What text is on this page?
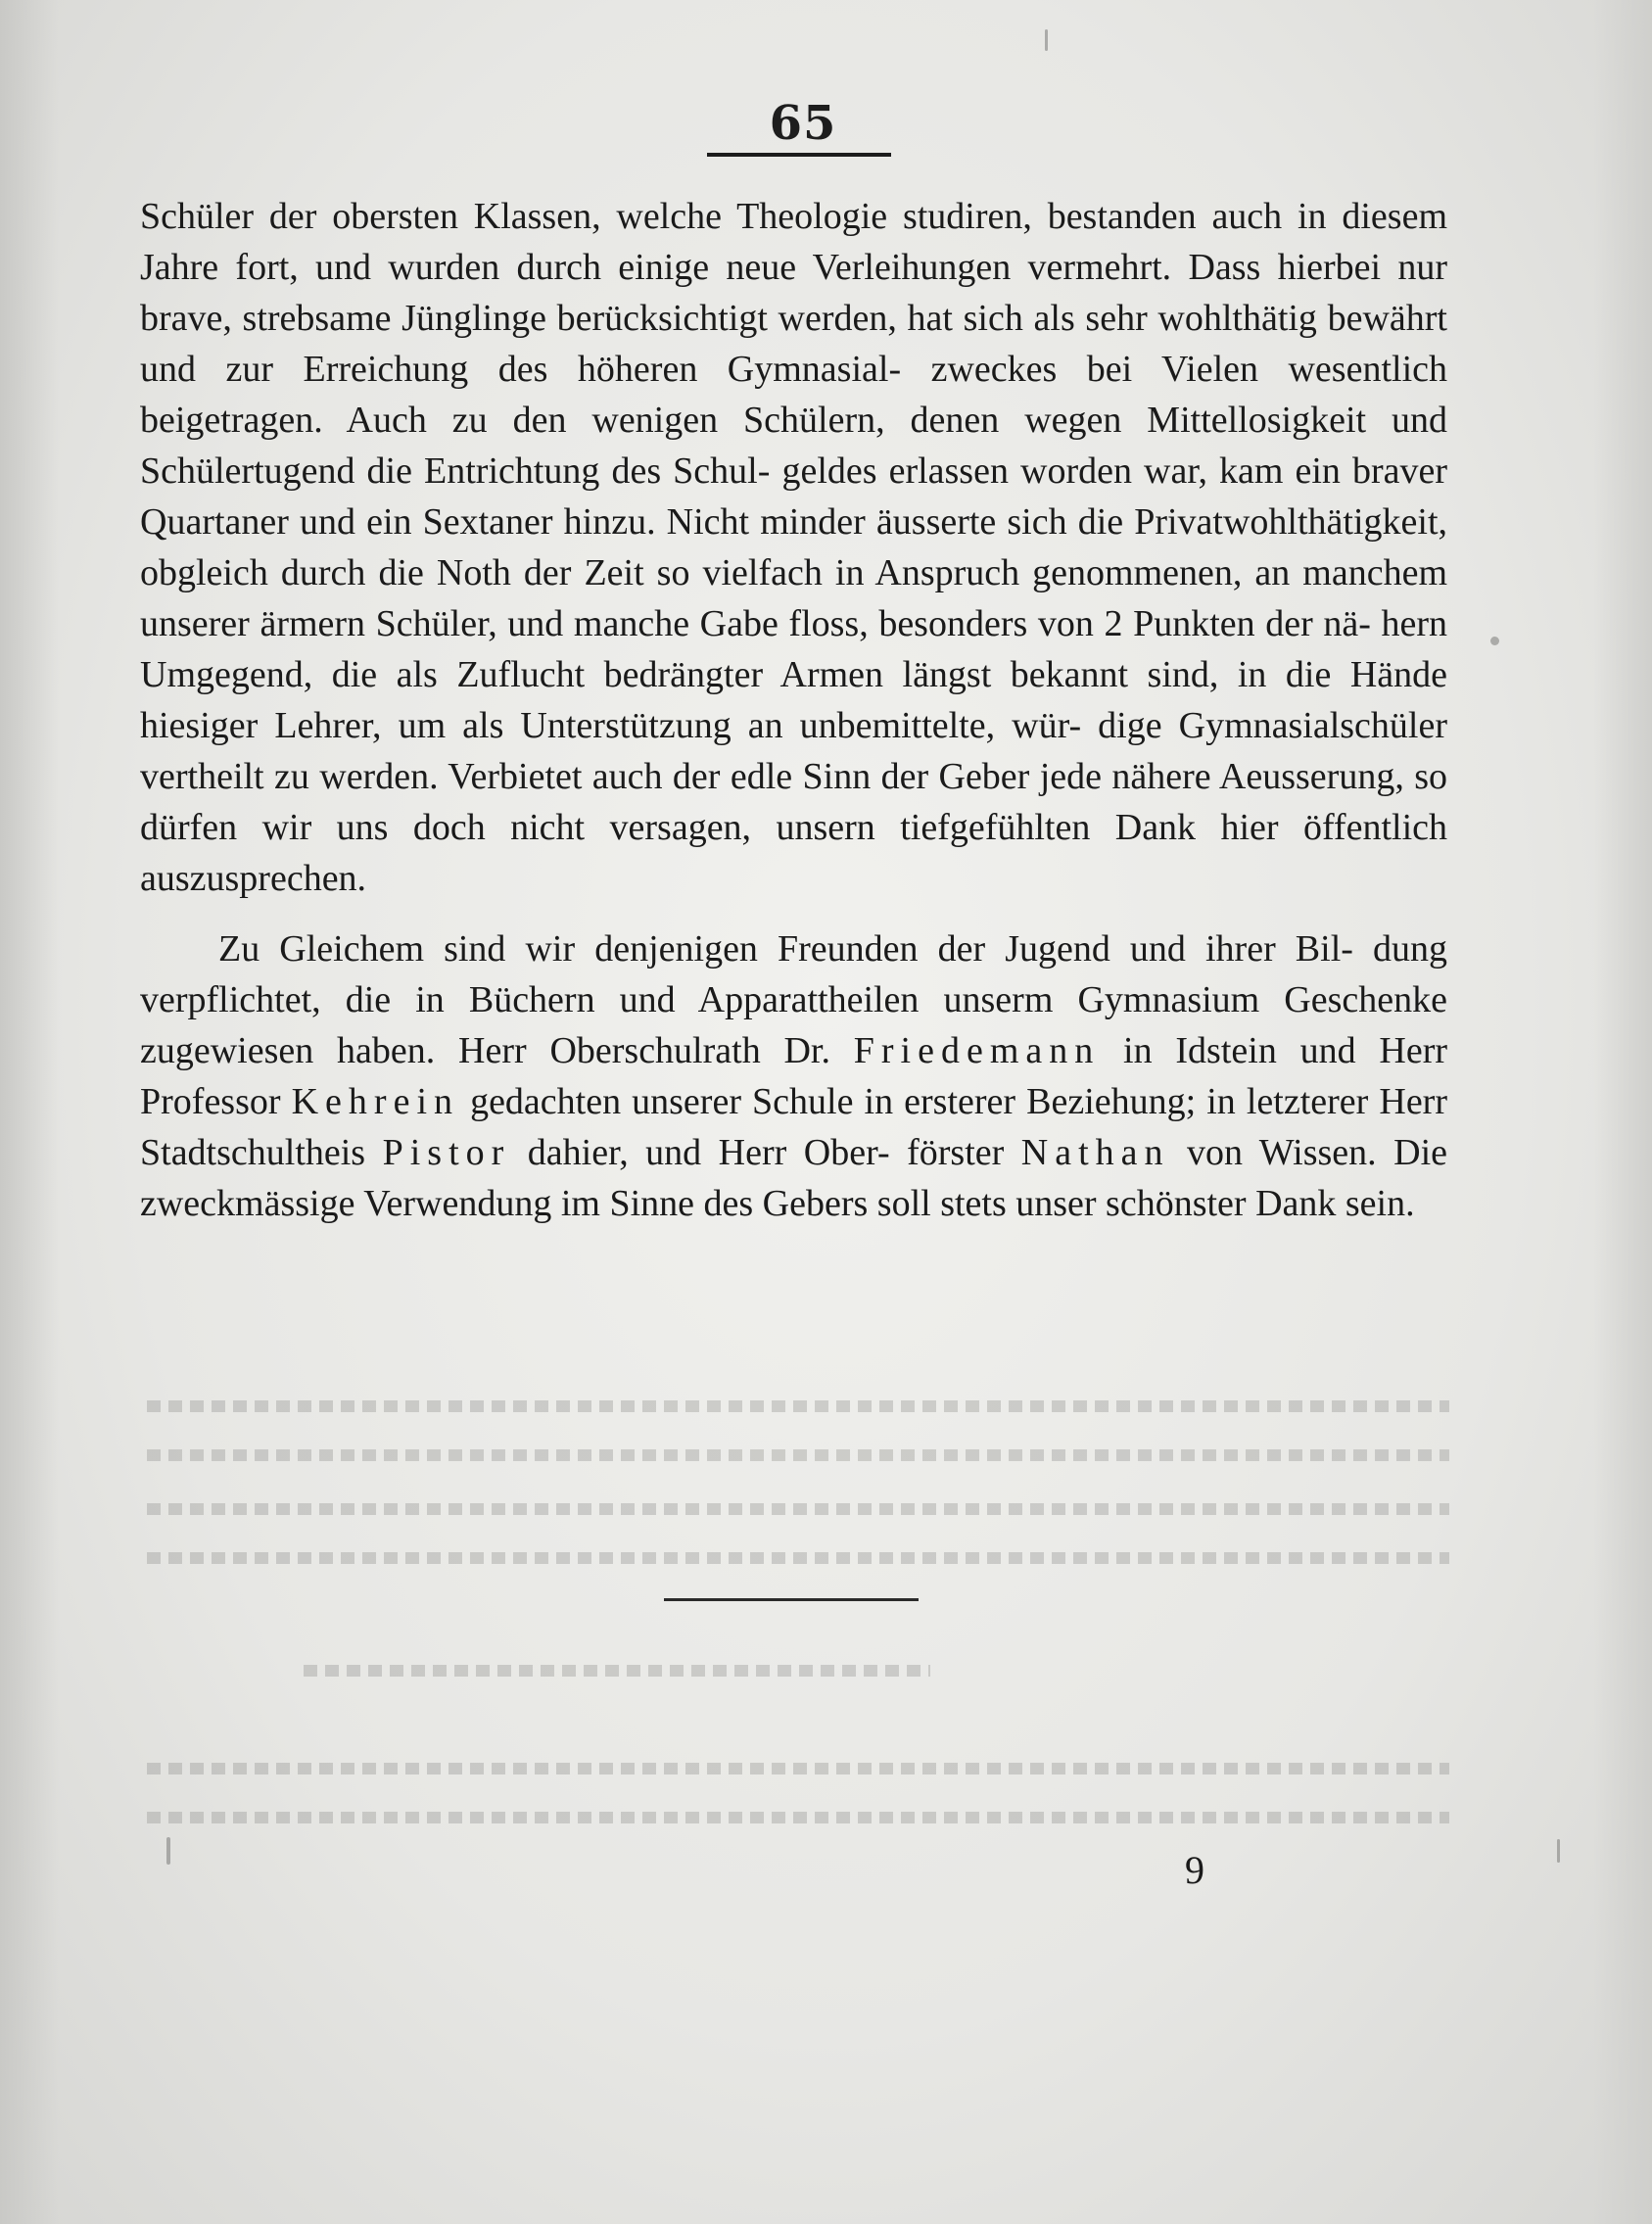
65

Schüler der obersten Klassen, welche Theologie studiren, bestanden auch in diesem Jahre fort, und wurden durch einige neue Verleihungen vermehrt. Dass hierbei nur brave, strebsame Jünglinge berücksichtigt werden, hat sich als sehr wohlthätig bewährt und zur Erreichung des höheren Gymnasial- zweckes bei Vielen wesentlich beigetragen. Auch zu den wenigen Schülern, denen wegen Mittellosigkeit und Schülertugend die Entrichtung des Schul- geldes erlassen worden war, kam ein braver Quartaner und ein Sextaner hinzu. Nicht minder äusserte sich die Privatwohlthätigkeit, obgleich durch die Noth der Zeit so vielfach in Anspruch genommenen, an manchem unserer ärmern Schüler, und manche Gabe floss, besonders von 2 Punkten der nä- hern Umgegend, die als Zuflucht bedrängter Armen längst bekannt sind, in die Hände hiesiger Lehrer, um als Unterstützung an unbemittelte, wür- dige Gymnasialschüler vertheilt zu werden. Verbietet auch der edle Sinn der Geber jede nähere Aeusserung, so dürfen wir uns doch nicht versagen, unsern tiefgefühlten Dank hier öffentlich auszusprechen.

Zu Gleichem sind wir denjenigen Freunden der Jugend und ihrer Bil- dung verpflichtet, die in Büchern und Apparattheilen unserm Gymnasium Geschenke zugewiesen haben. Herr Oberschulrath Dr. Friedemann in Idstein und Herr Professor Kehrein gedachten unserer Schule in ersterer Beziehung; in letzterer Herr Stadtschultheis Pistor dahier, und Herr Ober- förster Nathan von Wissen. Die zweckmässige Verwendung im Sinne des Gebers soll stets unser schönster Dank sein.

9
